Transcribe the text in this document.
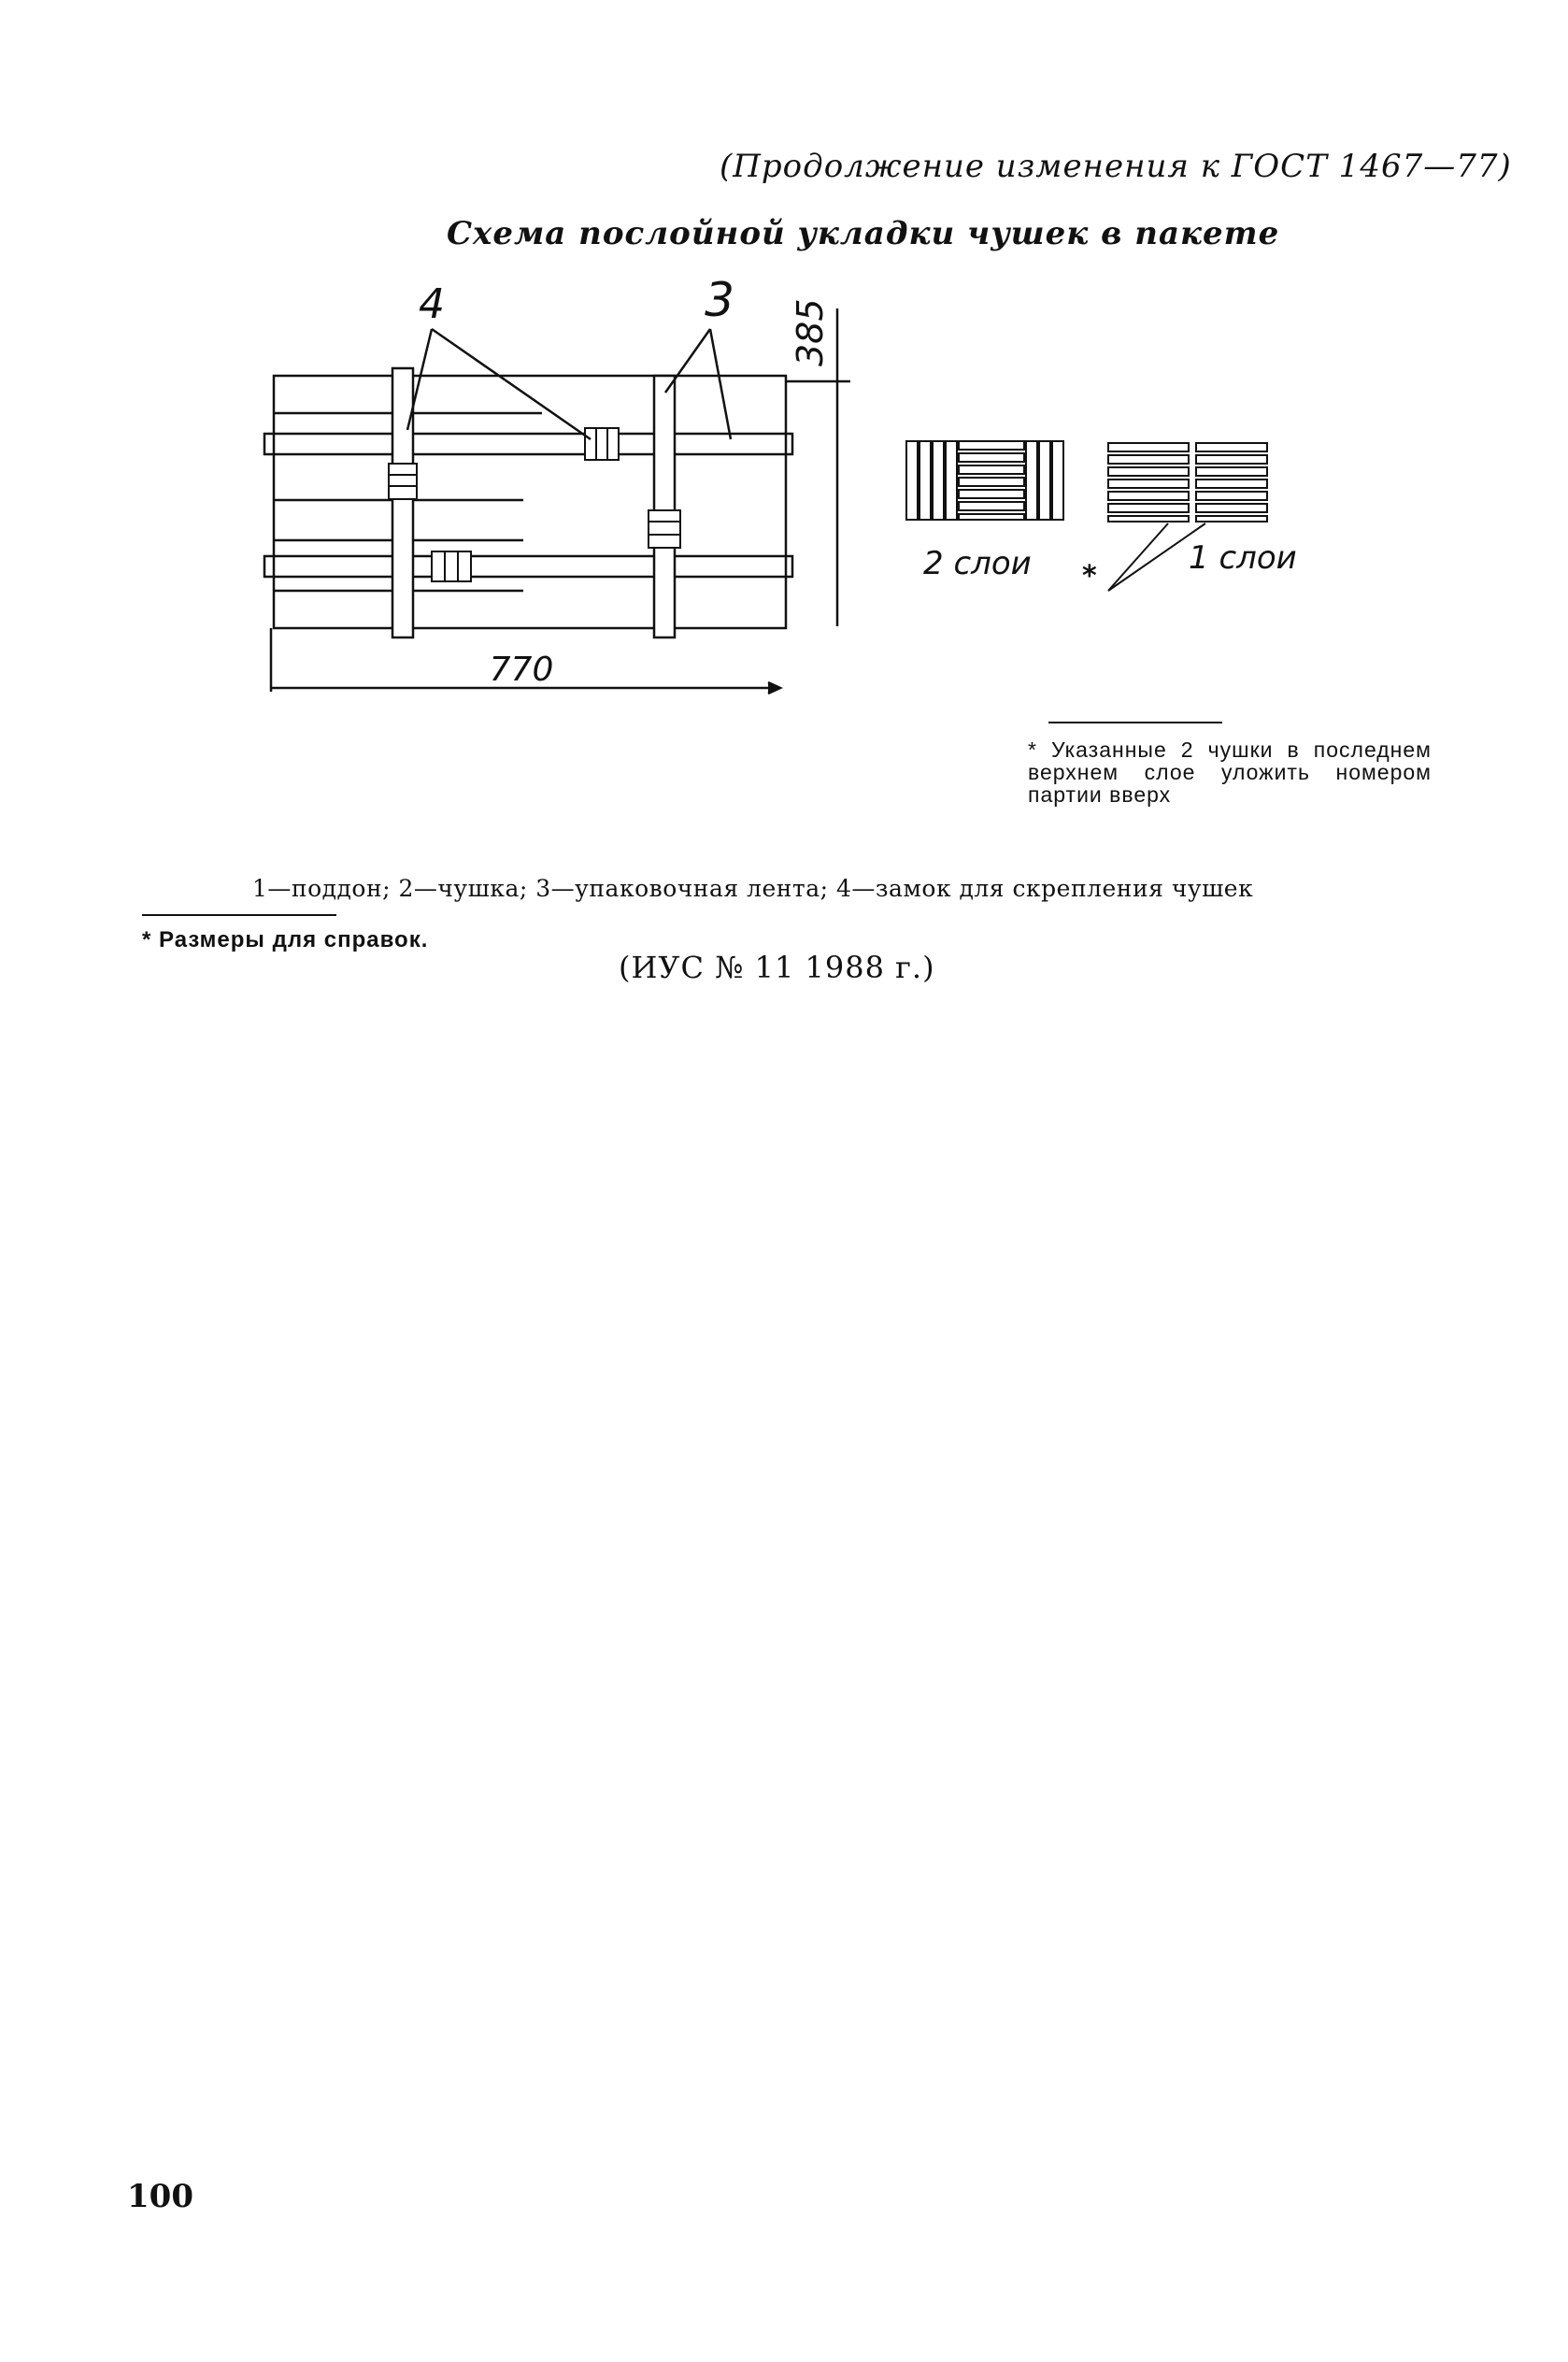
(Продолжение изменения к ГОСТ 1467—77)
Схема послойной укладки чушек в пакете
4	3 385
770
2 слои *	1 слои
* Указанные 2 чушки в последнем верхнем слое уложить номером партии вверх
1—поддон; 2—чушка; 3—упаковочная лента; 4—замок для скрепления чушек
* Размеры для справок.
(ИУС № 11 1988 г.)
100
